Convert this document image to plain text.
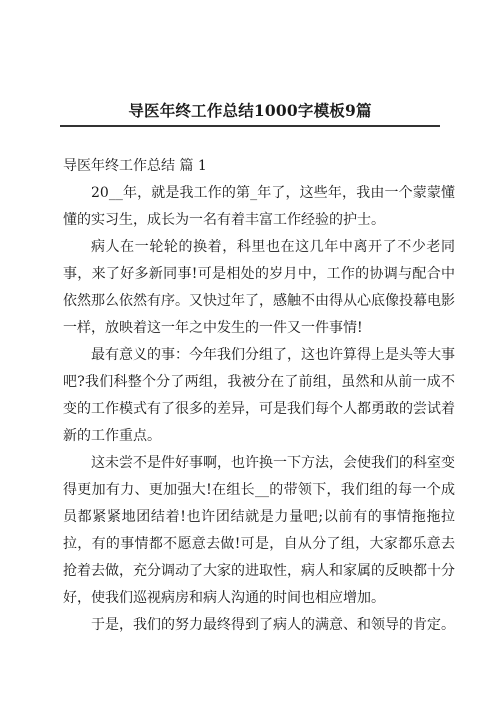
导医年终工作总结1000字模板9篇

导医年终工作总结 篇 1

20__年，就是我工作的第_年了，这些年，我由一个蒙蒙懂懂的实习生，成长为一名有着丰富工作经验的护士。

病人在一轮轮的换着，科里也在这几年中离开了不少老同事，来了好多新同事!可是相处的岁月中，工作的协调与配合中依然那么依然有序。又快过年了，感触不由得从心底像投幕电影一样，放映着这一年之中发生的一件又一件事情!

最有意义的事：今年我们分组了，这也许算得上是头等大事吧?我们科整个分了两组，我被分在了前组，虽然和从前一成不变的工作模式有了很多的差异，可是我们每个人都勇敢的尝试着新的工作重点。

这未尝不是件好事啊，也许换一下方法，会使我们的科室变得更加有力、更加强大!在组长__的带领下，我们组的每一个成员都紧紧地团结着!也许团结就是力量吧;以前有的事情拖拖拉拉，有的事情都不愿意去做!可是，自从分了组，大家都乐意去抢着去做，充分调动了大家的进取性，病人和家属的反映都十分好，使我们巡视病房和病人沟通的时间也相应增加。

于是，我们的努力最终得到了病人的满意、和领导的肯定。
